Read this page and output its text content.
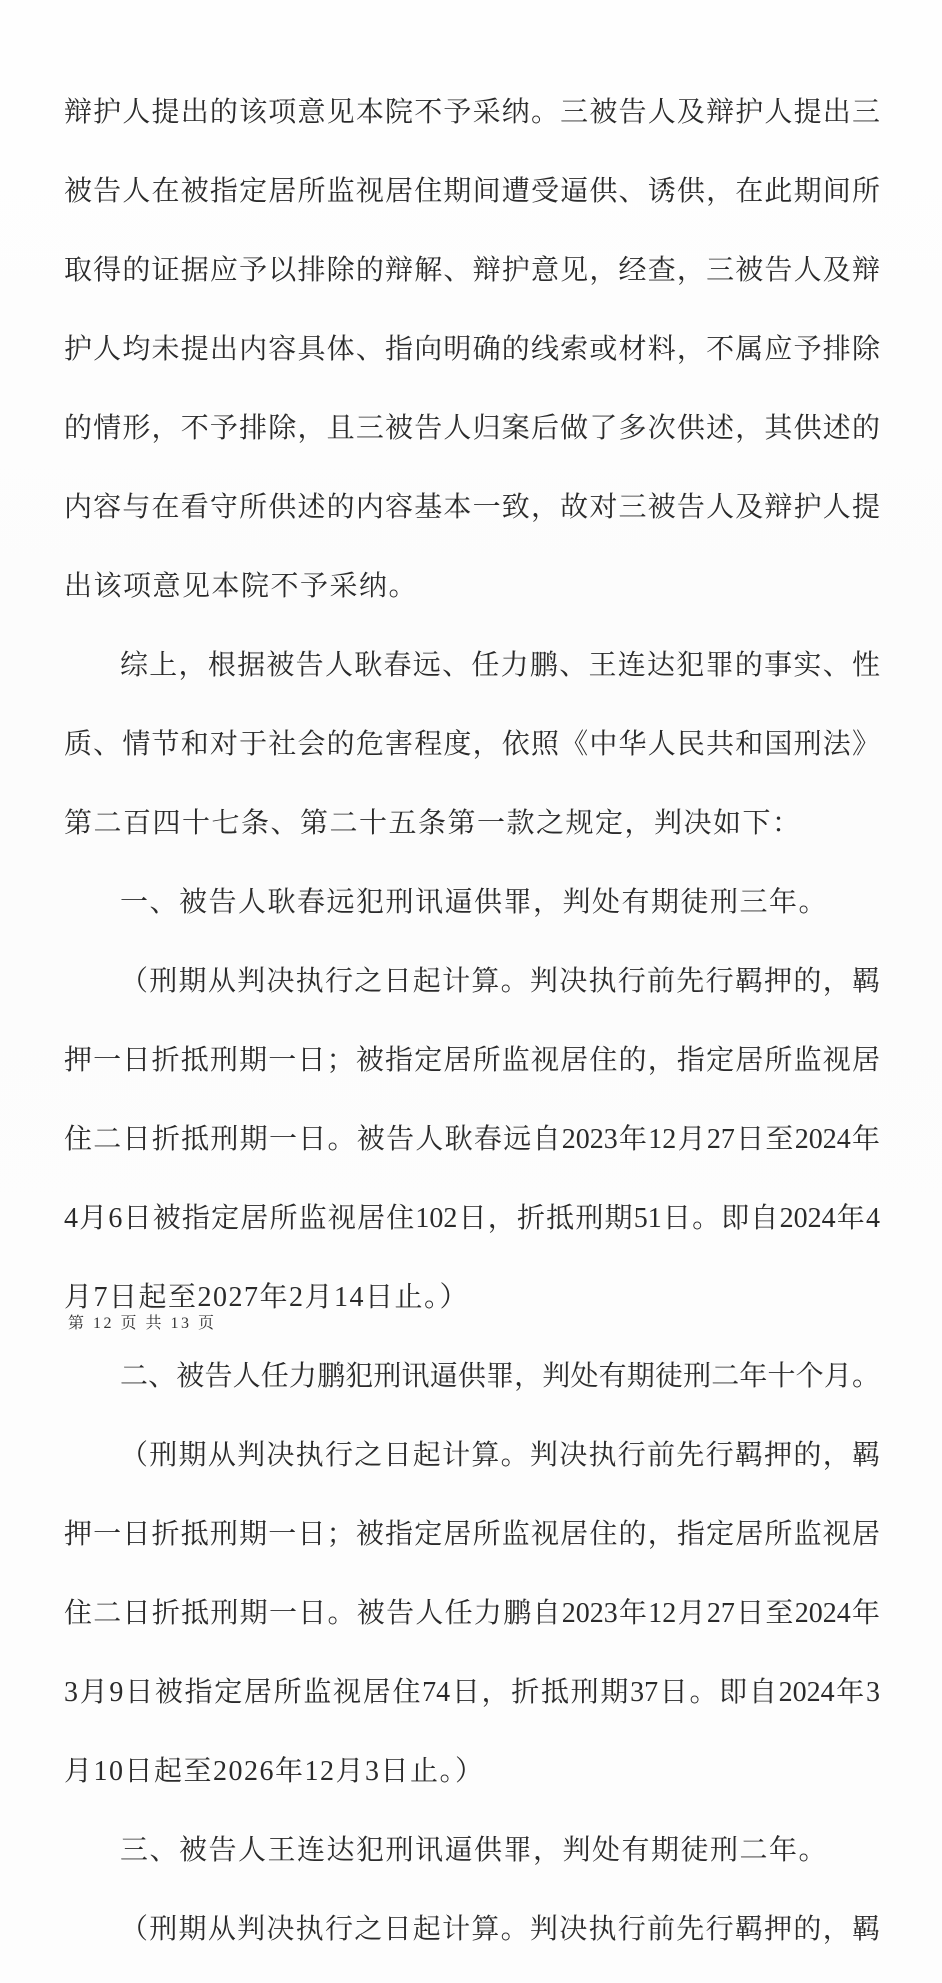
辩护人提出的该项意见本院不予采纳。三被告人及辩护人提出三

被告人在被指定居所监视居住期间遭受逼供、诱供，在此期间所

取得的证据应予以排除的辩解、辩护意见，经查，三被告人及辩

护人均未提出内容具体、指向明确的线索或材料，不属应予排除

的情形，不予排除，且三被告人归案后做了多次供述，其供述的

内容与在看守所供述的内容基本一致，故对三被告人及辩护人提

出该项意见本院不予采纳。

综上，根据被告人耿春远、任力鹏、王连达犯罪的事实、性

质、情节和对于社会的危害程度，依照《中华人民共和国刑法》

第二百四十七条、第二十五条第一款之规定，判决如下：

一、被告人耿春远犯刑讯逼供罪，判处有期徒刑三年。

（刑期从判决执行之日起计算。判决执行前先行羁押的，羁

押一日折抵刑期一日；被指定居所监视居住的，指定居所监视居

住二日折抵刑期一日。被告人耿春远自2023年12月27日至2024年

4月6日被指定居所监视居住102日，折抵刑期51日。即自2024年4

月7日起至2027年2月14日止。）

二、被告人任力鹏犯刑讯逼供罪，判处有期徒刑二年十个月。

（刑期从判决执行之日起计算。判决执行前先行羁押的，羁

押一日折抵刑期一日；被指定居所监视居住的，指定居所监视居

住二日折抵刑期一日。被告人任力鹏自2023年12月27日至2024年

3月9日被指定居所监视居住74日，折抵刑期37日。即自2024年3

月10日起至2026年12月3日止。）

三、被告人王连达犯刑讯逼供罪，判处有期徒刑二年。

（刑期从判决执行之日起计算。判决执行前先行羁押的，羁

第 12 页 共 13 页
